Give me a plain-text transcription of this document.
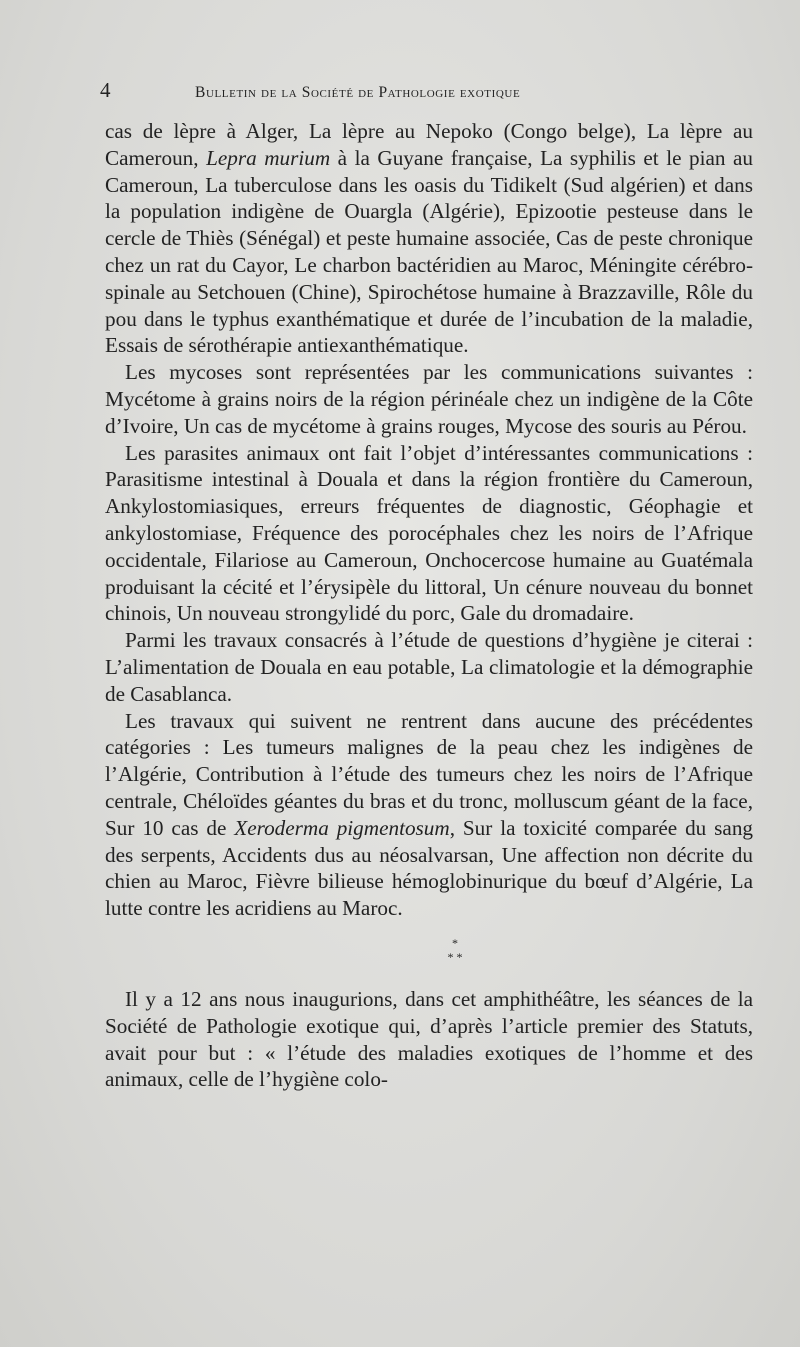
4	Bulletin de la Société de Pathologie exotique

cas de lèpre à Alger, La lèpre au Nepoko (Congo belge), La lèpre au Cameroun, Lepra murium à la Guyane française, La syphilis et le pian au Cameroun, La tuberculose dans les oasis du Tidikelt (Sud algérien) et dans la population indigène de Ouargla (Algérie), Epizootie pesteuse dans le cercle de Thiès (Sénégal) et peste humaine associée, Cas de peste chronique chez un rat du Cayor, Le charbon bactéridien au Maroc, Méningite cérébro-spinale au Setchouen (Chine), Spirochétose humaine à Brazzaville, Rôle du pou dans le typhus exanthématique et durée de l’incubation de la maladie, Essais de sérothérapie antiexanthématique.

Les mycoses sont représentées par les communications suivantes : Mycétome à grains noirs de la région périnéale chez un indigène de la Côte d’Ivoire, Un cas de mycétome à grains rouges, Mycose des souris au Pérou.

Les parasites animaux ont fait l’objet d’intéressantes communications : Parasitisme intestinal à Douala et dans la région frontière du Cameroun, Ankylostomiasiques, erreurs fréquentes de diagnostic, Géophagie et ankylostomiase, Fréquence des porocéphales chez les noirs de l’Afrique occidentale, Filariose au Cameroun, Onchocercose humaine au Guatémala produisant la cécité et l’érysipèle du littoral, Un cénure nouveau du bonnet chinois, Un nouveau strongylidé du porc, Gale du dromadaire.

Parmi les travaux consacrés à l’étude de questions d’hygiène je citerai : L’alimentation de Douala en eau potable, La climatologie et la démographie de Casablanca.

Les travaux qui suivent ne rentrent dans aucune des précédentes catégories : Les tumeurs malignes de la peau chez les indigènes de l’Algérie, Contribution à l’étude des tumeurs chez les noirs de l’Afrique centrale, Chéloïdes géantes du bras et du tronc, molluscum géant de la face, Sur 10 cas de Xeroderma pigmentosum, Sur la toxicité comparée du sang des serpents, Accidents dus au néosalvarsan, Une affection non décrite du chien au Maroc, Fièvre bilieuse hémoglobinurique du bœuf d’Algérie, La lutte contre les acridiens au Maroc.

*
* *

Il y a 12 ans nous inaugurions, dans cet amphithéâtre, les séances de la Société de Pathologie exotique qui, d’après l’article premier des Statuts, avait pour but : « l’étude des maladies exotiques de l’homme et des animaux, celle de l’hygiène colo-
